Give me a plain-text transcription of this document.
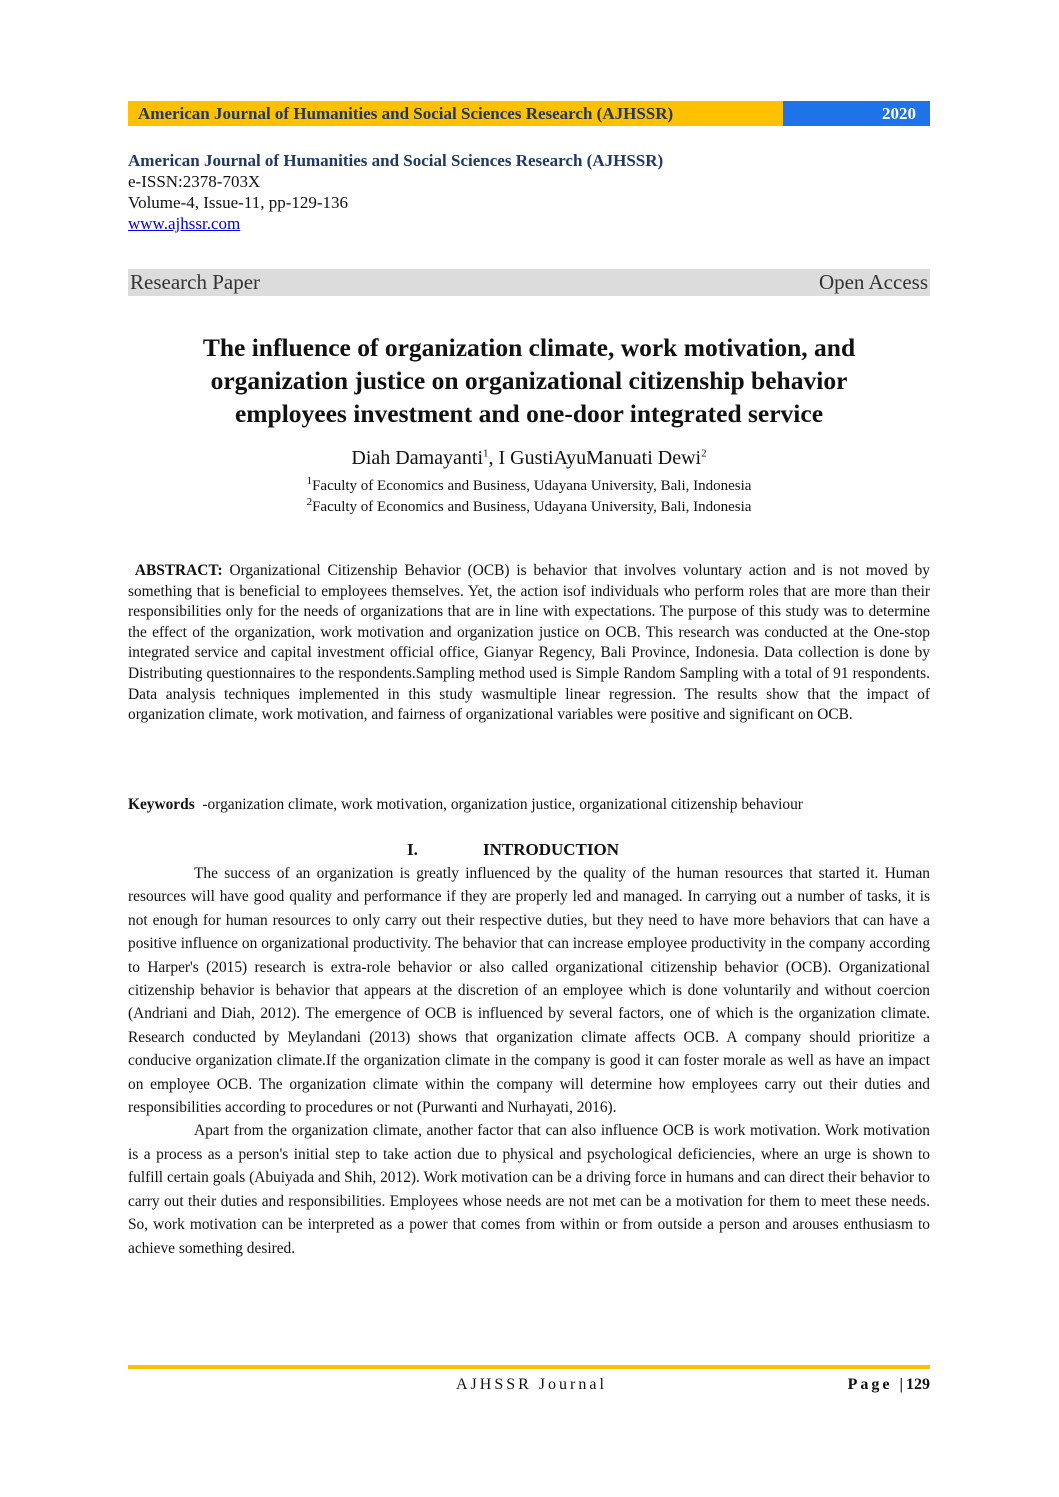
American Journal of Humanities and Social Sciences Research (AJHSSR)	2020
American Journal of Humanities and Social Sciences Research (AJHSSR)
e-ISSN:2378-703X
Volume-4, Issue-11, pp-129-136
www.ajhssr.com
Research Paper	Open Access
The influence of organization climate, work motivation, and
organization justice on organizational citizenship behavior
employees investment and one-door integrated service
Diah Damayanti$^1$, I GustiAyuManuati Dewi$^2$
$^1$Faculty of Economics and Business, Udayana University, Bali, Indonesia
$^2$Faculty of Economics and Business, Udayana University, Bali, Indonesia
ABSTRACT: Organizational Citizenship Behavior (OCB) is behavior that involves voluntary action and is not moved by something that is beneficial to employees themselves. Yet, the action isof individuals who perform roles that are more than their responsibilities only for the needs of organizations that are in line with expectations. The purpose of this study was to determine the effect of the organization, work motivation and organization justice on OCB. This research was conducted at the One-stop integrated service and capital investment official office, Gianyar Regency, Bali Province, Indonesia. Data collection is done by Distributing questionnaires to the respondents.Sampling method used is Simple Random Sampling with a total of 91 respondents. Data analysis techniques implemented in this study wasmultiple linear regression. The results show that the impact of organization climate, work motivation, and fairness of organizational variables were positive and significant on OCB.
Keywords  -organization climate, work motivation, organization justice, organizational citizenship behaviour
I.	INTRODUCTION

The success of an organization is greatly influenced by the quality of the human resources that started it. Human resources will have good quality and performance if they are properly led and managed. In carrying out a number of tasks, it is not enough for human resources to only carry out their respective duties, but they need to have more behaviors that can have a positive influence on organizational productivity. The behavior that can increase employee productivity in the company according to Harper's (2015) research is extra-role behavior or also called organizational citizenship behavior (OCB). Organizational citizenship behavior is behavior that appears at the discretion of an employee which is done voluntarily and without coercion (Andriani and Diah, 2012). The emergence of OCB is influenced by several factors, one of which is the organization climate. Research conducted by Meylandani (2013) shows that organization climate affects OCB. A company should prioritize a conducive organization climate.If the organization climate in the company is good it can foster morale as well as have an impact on employee OCB. The organization climate within the company will determine how employees carry out their duties and responsibilities according to procedures or not (Purwanti and Nurhayati, 2016).

Apart from the organization climate, another factor that can also influence OCB is work motivation. Work motivation is a process as a person's initial step to take action due to physical and psychological deficiencies, where an urge is shown to fulfill certain goals (Abuiyada and Shih, 2012). Work motivation can be a driving force in humans and can direct their behavior to carry out their duties and responsibilities. Employees whose needs are not met can be a motivation for them to meet these needs. So, work motivation can be interpreted as a power that comes from within or from outside a person and arouses enthusiasm to achieve something desired.

AJHSSR Journal	Page |129
